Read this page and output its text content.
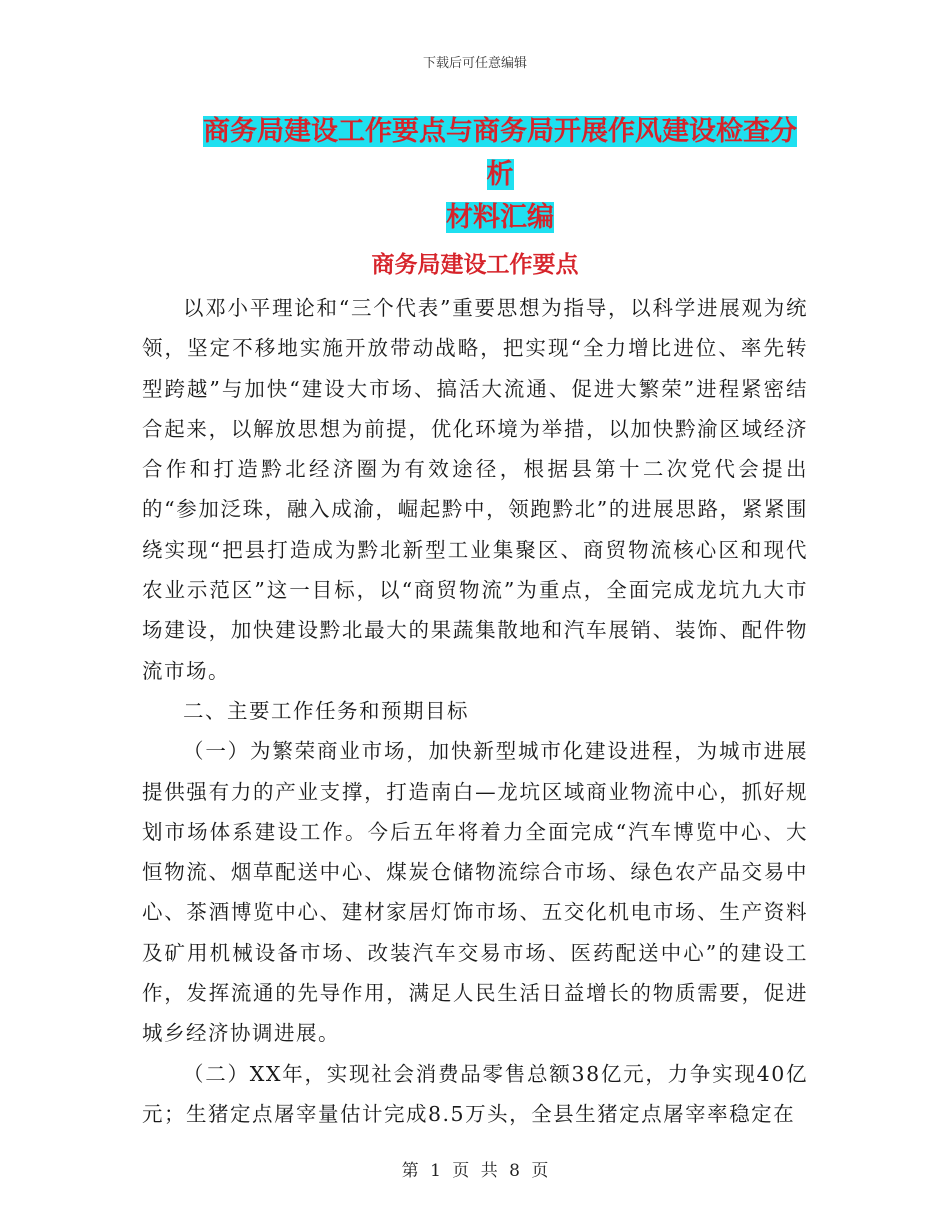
下载后可任意编辑
商务局建设工作要点与商务局开展作风建设检查分析
材料汇编
商务局建设工作要点

以邓小平理论和“三个代表”重要思想为指导，以科学进展观为统领，坚定不移地实施开放带动战略，把实现“全力增比进位、率先转型跨越”与加快“建设大市场、搞活大流通、促进大繁荣”进程紧密结合起来，以解放思想为前提，优化环境为举措，以加快黔渝区域经济合作和打造黔北经济圈为有效途径，根据县第十二次党代会提出的“参加泛珠，融入成渝，崛起黔中，领跑黔北”的进展思路，紧紧围绕实现“把县打造成为黔北新型工业集聚区、商贸物流核心区和现代农业示范区”这一目标，以“商贸物流”为重点，全面完成龙坑九大市场建设，加快建设黔北最大的果蔬集散地和汽车展销、装饰、配件物流市场。

二、主要工作任务和预期目标

（一）为繁荣商业市场，加快新型城市化建设进程，为城市进展提供强有力的产业支撑，打造南白—龙坑区域商业物流中心，抓好规划市场体系建设工作。今后五年将着力全面完成“汽车博览中心、大恒物流、烟草配送中心、煤炭仓储物流综合市场、绿色农产品交易中心、茶酒博览中心、建材家居灯饰市场、五交化机电市场、生产资料及矿用机械设备市场、改装汽车交易市场、医药配送中心”的建设工作，发挥流通的先导作用，满足人民生活日益增长的物质需要，促进城乡经济协调进展。

（二）XX年，实现社会消费品零售总额38亿元，力争实现40亿元；生猪定点屠宰量估计完成8.5万头，全县生猪定点屠宰率稳定在

第 1 页 共 8 页
